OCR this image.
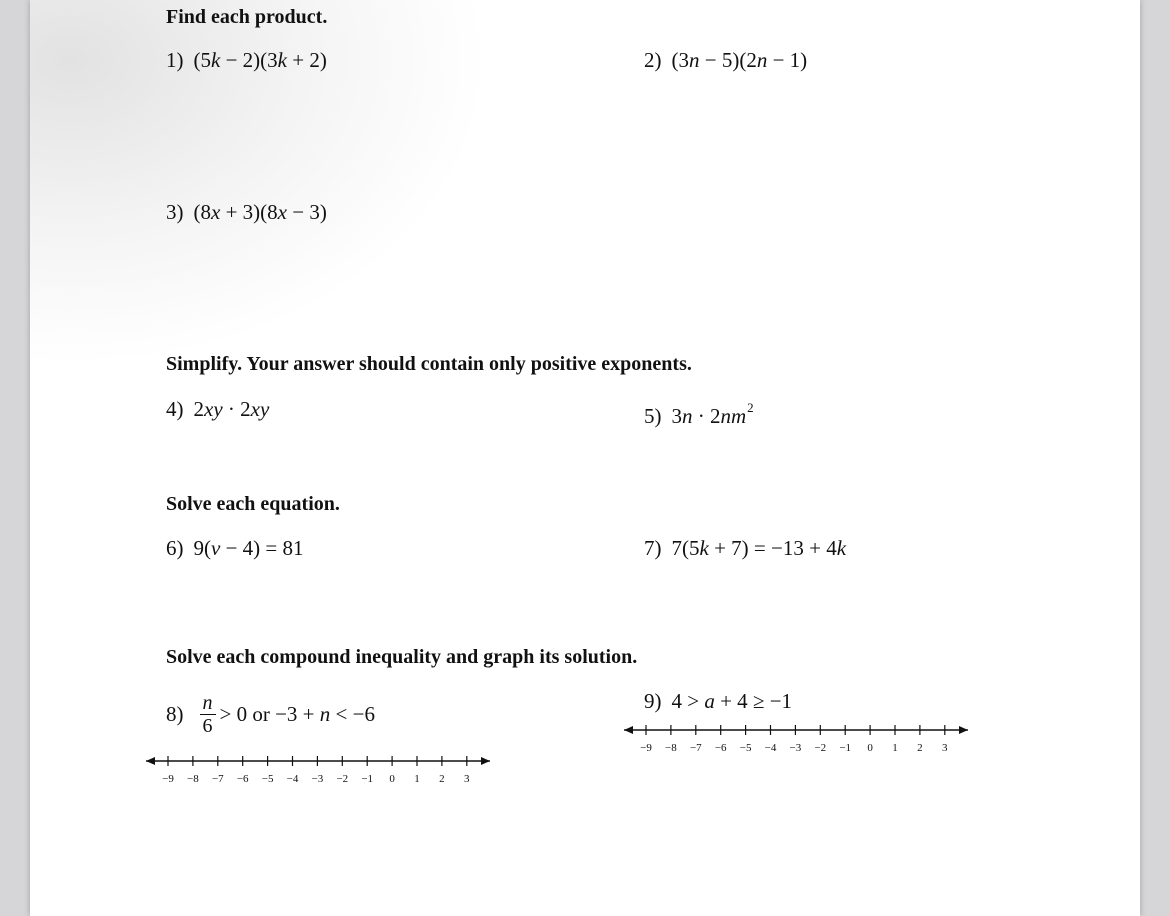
Find each product.
1) (5k − 2)(3k + 2)	2) (3n − 5)(2n − 1)
3) (8x + 3)(8x − 3)
Simplify. Your answer should contain only positive exponents.
4) 2xy · 2xy	5) $3n \cdot 2nm^2$
Solve each equation.
6) 9(v − 4) = 81	7) 7(5k + 7) = −13 + 4k
Solve each compound inequality and graph its solution.
$8) \frac{n}{6} > 0$ or −3 + n < −6
9) 4 > a + 4 ≥ −1
−9 −8 −7 −6 −5 −4 −3 −2 −1 0 1 2 3
−9 −8 −7 −6 −5 −4 −3 −2 −1 0 1 2 3
